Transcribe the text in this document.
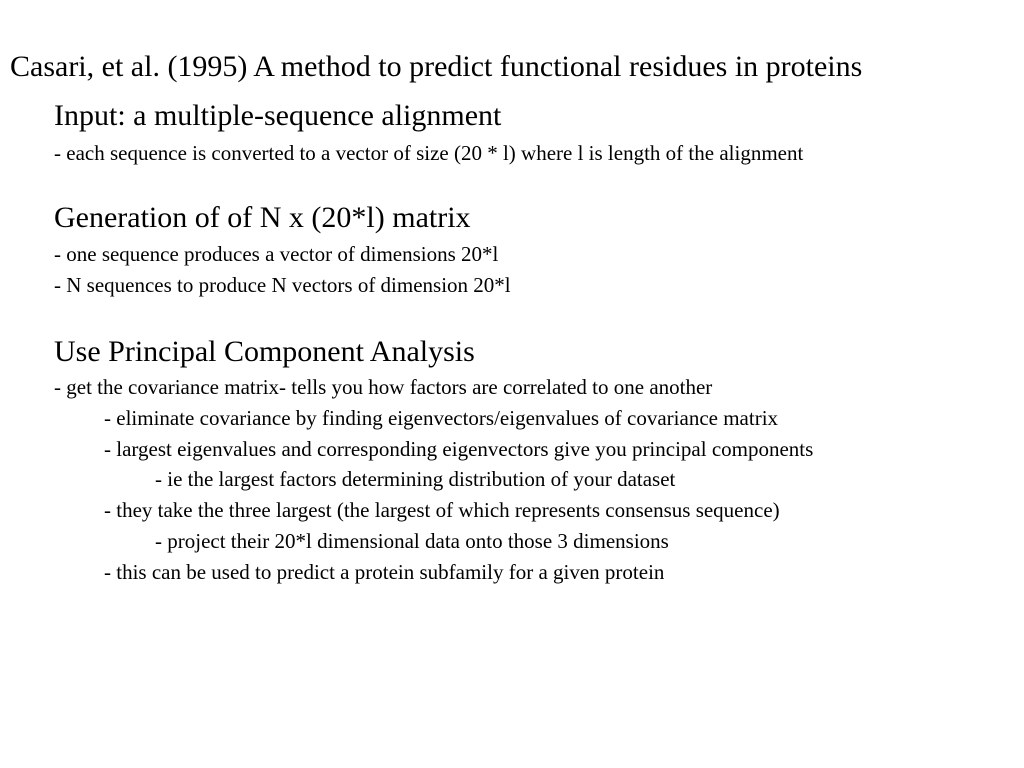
Casari, et al. (1995) A method to predict functional residues in proteins
Input: a multiple-sequence alignment
- each sequence is converted to a vector of size (20 * l) where l is length of the alignment
Generation of of N x (20*l) matrix
- one sequence produces a vector of dimensions 20*l
- N sequences to produce N vectors of dimension 20*l
Use Principal Component Analysis
- get the covariance matrix- tells you how factors are correlated to one another
- eliminate covariance by finding eigenvectors/eigenvalues of covariance matrix
- largest eigenvalues and corresponding eigenvectors give you principal components
- ie the largest factors determining distribution of your dataset
- they take the three largest (the largest of which represents consensus sequence)
- project their 20*l dimensional data onto those 3 dimensions
- this can be used to predict a protein subfamily for a given protein
